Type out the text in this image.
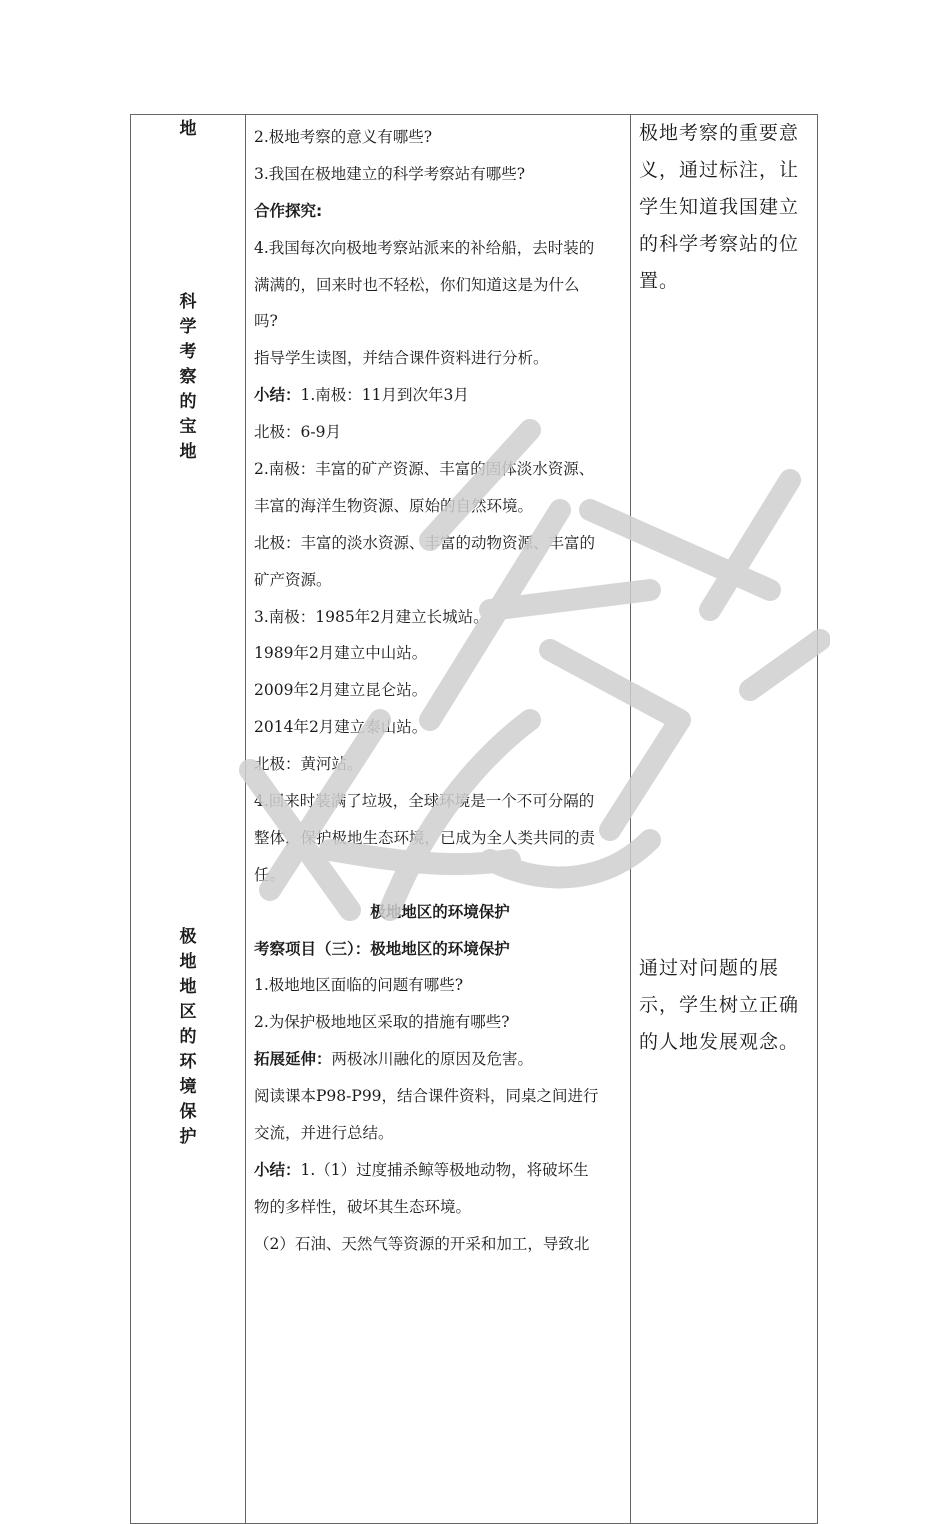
地
科
学
考
察
的
宝
地
极
地
地
区
的
环
境
保
护
2.极地考察的意义有哪些?
3.我国在极地建立的科学考察站有哪些?
合作探究:
4.我国每次向极地考察站派来的补给船，去时装的
满满的，回来时也不轻松，你们知道这是为什么
吗?
指导学生读图，并结合课件资料进行分析。
小结：1.南极：11月到次年3月
北极：6-9月
2.南极：丰富的矿产资源、丰富的固体淡水资源、
丰富的海洋生物资源、原始的自然环境。
北极：丰富的淡水资源、丰富的动物资源、丰富的
矿产资源。
3.南极：1985年2月建立长城站。
1989年2月建立中山站。
2009年2月建立昆仑站。
2014年2月建立泰山站。
北极：黄河站。
4.回来时装满了垃圾，全球环境是一个不可分隔的
整体，保护极地生态环境，已成为全人类共同的责
任。
极地地区的环境保护
考察项目（三）：极地地区的环境保护
1.极地地区面临的问题有哪些?
2.为保护极地地区采取的措施有哪些?
拓展延伸：两极冰川融化的原因及危害。
阅读课本P98-P99，结合课件资料，同桌之间进行
交流，并进行总结。
小结：1.（1）过度捕杀鲸等极地动物，将破坏生
物的多样性，破坏其生态环境。
（2）石油、天然气等资源的开采和加工，导致北
极地考察的重要意
义，通过标注，让
学生知道我国建立
的科学考察站的位
置。
通过对问题的展
示，学生树立正确
的人地发展观念。
